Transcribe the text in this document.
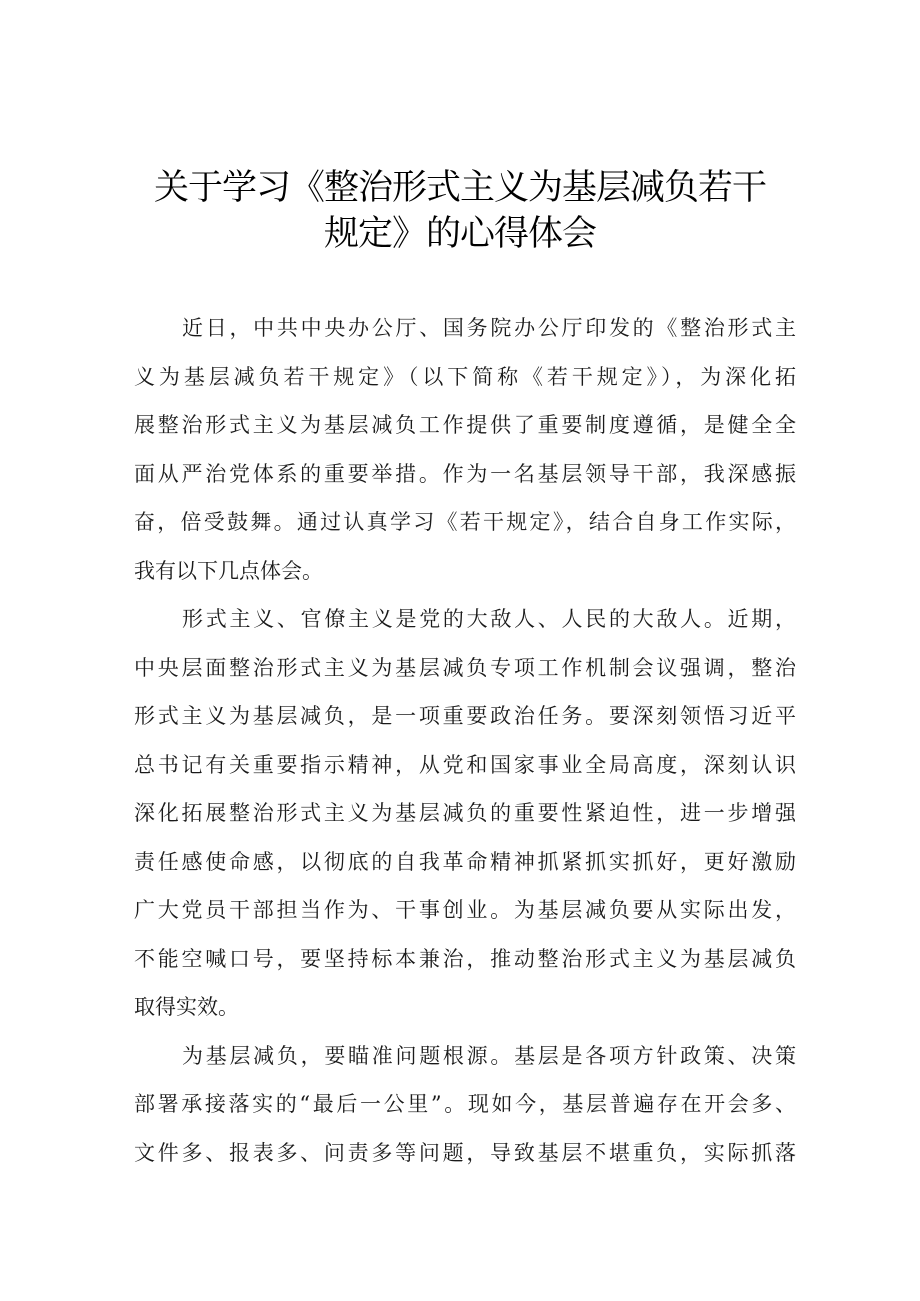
关于学习《整治形式主义为基层减负若干
规定》的心得体会
近日，中共中央办公厅、国务院办公厅印发的《整治形式主
义为基层减负若干规定》（以下简称《若干规定》），为深化拓
展整治形式主义为基层减负工作提供了重要制度遵循，是健全全
面从严治党体系的重要举措。作为一名基层领导干部，我深感振
奋，倍受鼓舞。通过认真学习《若干规定》，结合自身工作实际，
我有以下几点体会。
形式主义、官僚主义是党的大敌人、人民的大敌人。近期，
中央层面整治形式主义为基层减负专项工作机制会议强调，整治
形式主义为基层减负，是一项重要政治任务。要深刻领悟习近平
总书记有关重要指示精神，从党和国家事业全局高度，深刻认识
深化拓展整治形式主义为基层减负的重要性紧迫性，进一步增强
责任感使命感，以彻底的自我革命精神抓紧抓实抓好，更好激励
广大党员干部担当作为、干事创业。为基层减负要从实际出发，
不能空喊口号，要坚持标本兼治，推动整治形式主义为基层减负
取得实效。
为基层减负，要瞄准问题根源。基层是各项方针政策、决策
部署承接落实的“最后一公里”。现如今，基层普遍存在开会多、
文件多、报表多、问责多等问题，导致基层不堪重负，实际抓落
